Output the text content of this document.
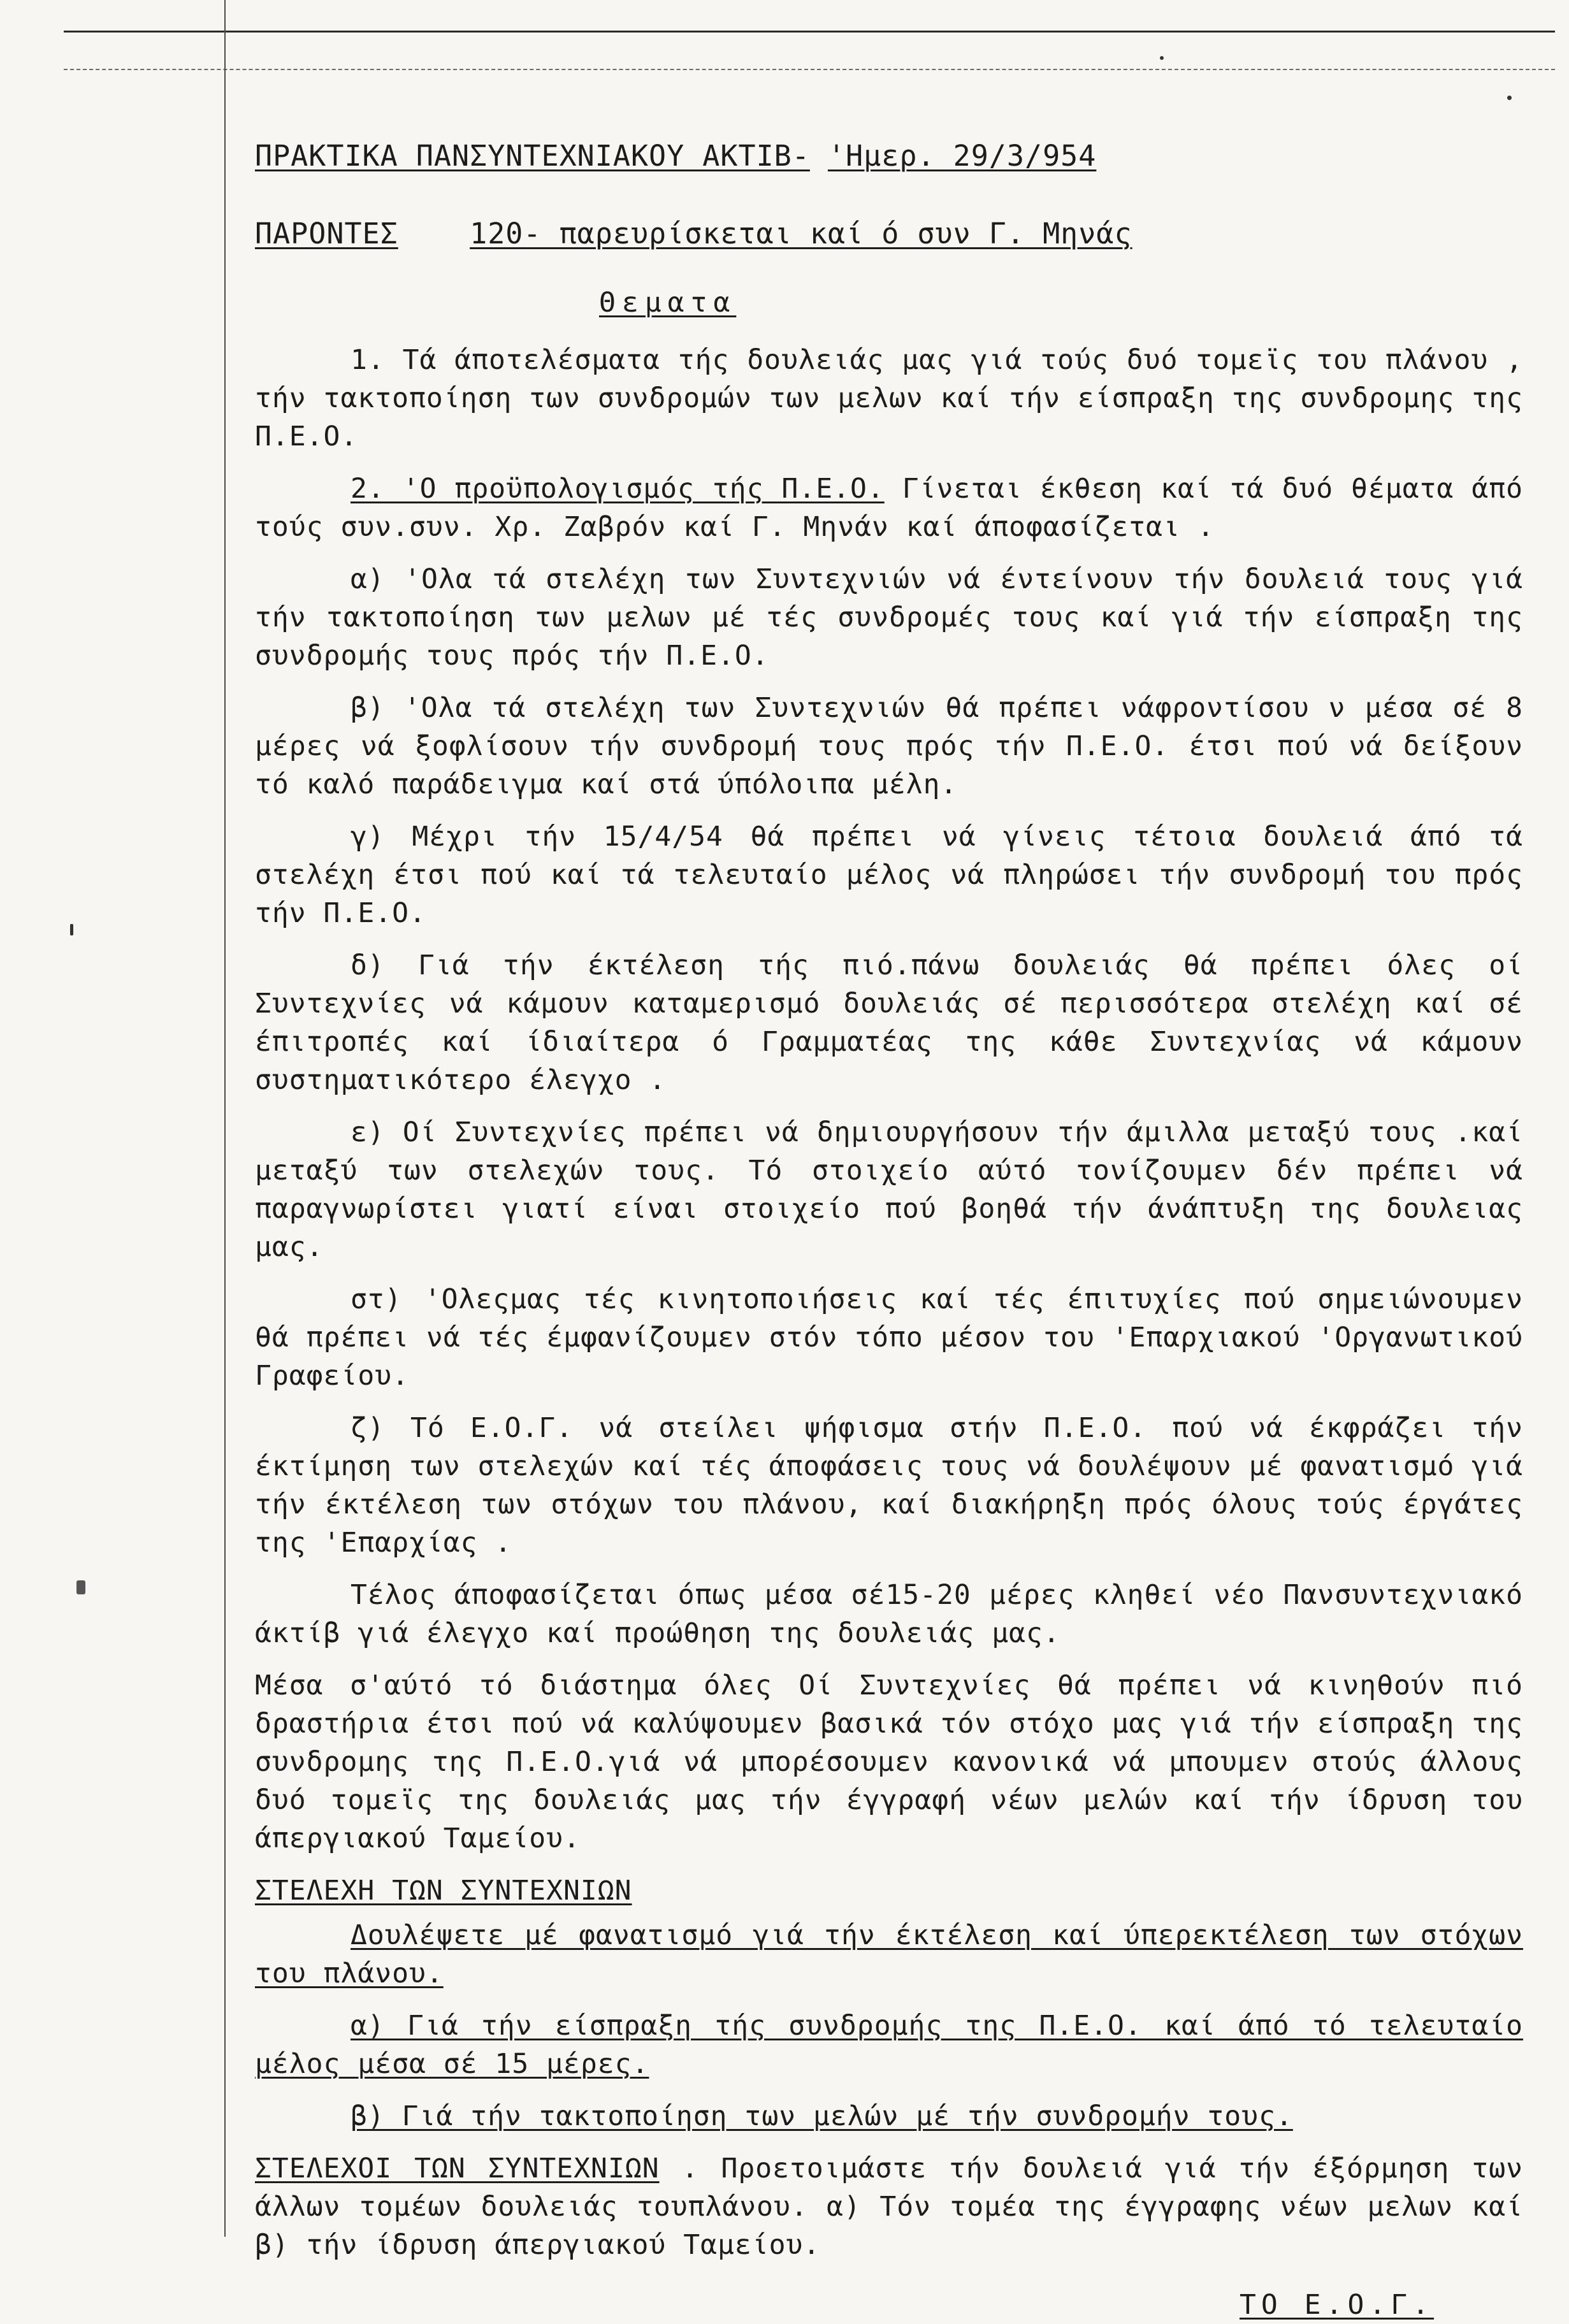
ΠΡΑΚΤΙΚΑ ΠΑΝΣΥΝΤΕΧΝΙΑΚΟΥ ΑΚΤΙΒ- 'Ημερ. 29/3/954
ΠΑΡΟΝΤΕΣ 120- παρευρίσκεται καί ό συν Γ. Μηνάς
Θεματα

1. Τά άποτελέσματα τής δουλειάς μας γιά τούς δυό τομεϊς του πλάνου , τήν τακτοποίηση των συνδρομών των μελων καί τήν είσπραξη της συνδρομης της Π.Ε.Ο.

2. 'Ο προϋπολογισμός τής Π.Ε.Ο. Γίνεται έκθεση καί τά δυό θέματα άπό τούς συν.συν. Χρ. Ζαβρόν καί Γ. Μηνάν καί άποφασίζεται .

α) 'Ολα τά στελέχη των Συντεχνιών νά έντείνουν τήν δουλειά τους γιά τήν τακτοποίηση των μελων μέ τές συνδρομές τους καί γιά τήν είσπραξη της συνδρομής τους πρός τήν Π.Ε.Ο.

β) 'Ολα τά στελέχη των Συντεχνιών θά πρέπει νάφροντίσου ν μέσα σέ 8 μέρες νά ξοφλίσουν τήν συνδρομή τους πρός τήν Π.Ε.Ο. έτσι πού νά δείξουν τό καλό παράδειγμα καί στά ύπόλοιπα μέλη.

γ) Μέχρι τήν 15/4/54 θά πρέπει νά γίνεις τέτοια δουλειά άπό τά στελέχη έτσι πού καί τά τελευταίο μέλος νά πληρώσει τήν συνδρομή του πρός τήν Π.Ε.Ο.

δ) Γιά τήν έκτέλεση τής πιό.πάνω δουλειάς θά πρέπει όλες οί Συντεχνίες νά κάμουν καταμερισμό δουλειάς σέ περισσότερα στελέχη καί σέ έπιτροπές καί ίδιαίτερα ό Γραμματέας της κάθε Συντεχνίας νά κάμουν συστηματικότερο έλεγχο .

ε) Οί Συντεχνίες πρέπει νά δημιουργήσουν τήν άμιλλα μεταξύ τους .καί μεταξύ των στελεχών τους. Τό στοιχείο αύτό τονίζουμεν δέν πρέπει νά παραγνωρίστει γιατί είναι στοιχείο πού βοηθά τήν άνάπτυξη της δουλειας μας.

στ) 'Ολεςμας τές κινητοποιήσεις καί τές έπιτυχίες πού σημειώνουμεν θά πρέπει νά τές έμφανίζουμεν στόν τόπο μέσον του 'Επαρχιακού 'Οργανωτικού Γραφείου.

ζ) Τό Ε.Ο.Γ. νά στείλει ψήφισμα στήν Π.Ε.Ο. πού νά έκφράζει τήν έκτίμηση των στελεχών καί τές άποφάσεις τους νά δουλέψουν μέ φανατισμό γιά τήν έκτέλεση των στόχων του πλάνου, καί διακήρηξη πρός όλους τούς έργάτες της 'Επαρχίας .

Τέλος άποφασίζεται όπως μέσα σέ15-20 μέρες κληθεί νέο Πανσυντεχνιακό άκτίβ γιά έλεγχο καί προώθηση της δουλειάς μας.

Μέσα σ'αύτό τό διάστημα όλες Οί Συντεχνίες θά πρέπει νά κινηθούν πιό δραστήρια έτσι πού νά καλύψουμεν βασικά τόν στόχο μας γιά τήν είσπραξη της συνδρομης της Π.Ε.Ο.γιά νά μπορέσουμεν κανονικά νά μπουμεν στούς άλλους δυό τομεϊς της δουλειάς μας τήν έγγραφή νέων μελών καί τήν ίδρυση του άπεργιακού Ταμείου.

ΣΤΕΛΕΧΗ ΤΩΝ ΣΥΝΤΕΧΝΙΩΝ

Δουλέψετε μέ φανατισμό γιά τήν έκτέλεση καί ύπερεκτέλεση των στόχων του πλάνου.

α) Γιά τήν είσπραξη τής συνδρομής της Π.Ε.Ο. καί άπό τό τελευταίο μέλος μέσα σέ 15 μέρες.

β) Γιά τήν τακτοποίηση των μελών μέ τήν συνδρομήν τους.

ΣΤΕΛΕΧΟΙ ΤΩΝ ΣΥΝΤΕΧΝΙΩΝ . Προετοιμάστε τήν δουλειά γιά τήν έξόρμηση των άλλων τομέων δουλειάς τουπλάνου. α) Τόν τομέα της έγγραφης νέων μελων καί β) τήν ίδρυση άπεργιακού Ταμείου.

ΤΟ Ε.Ο.Γ.
